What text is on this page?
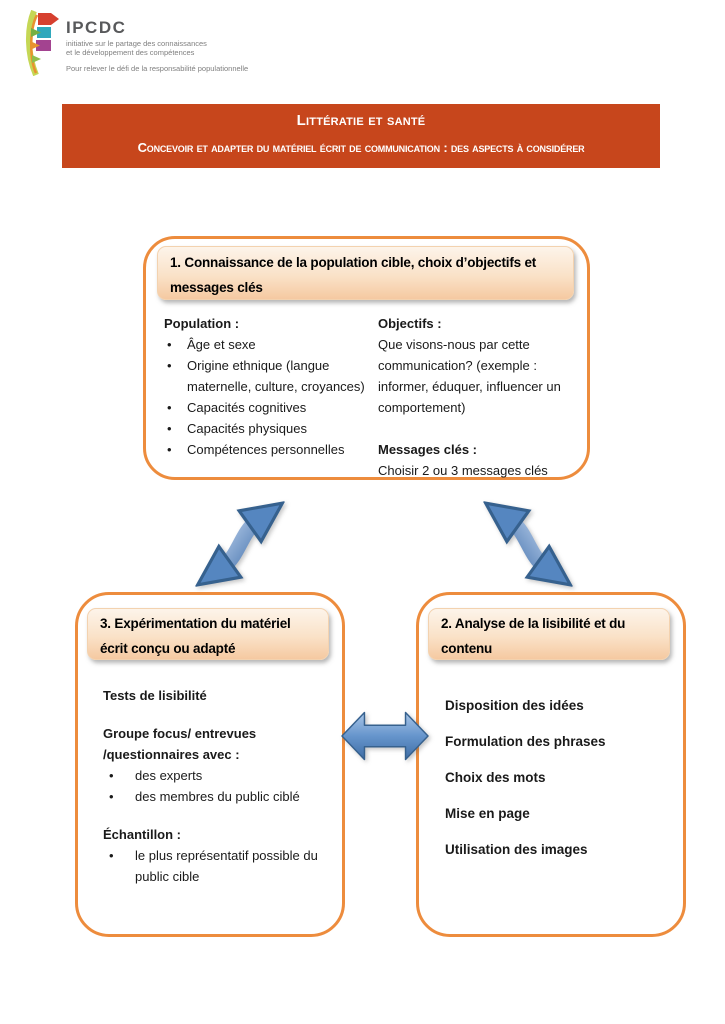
IPCDC
initiative sur le partage des connaissances
et le développement des compétences
Pour relever le défi de la responsabilité populationnelle
Littératie et santé
Concevoir et adapter du matériel écrit de communication : des aspects à considérer
1. Connaissance de la population cible, choix d’objectifs et messages clés
Population :
•
Âge et sexe
•
Origine ethnique (langue maternelle, culture, croyances)
•
Capacités cognitives
•
Capacités physiques
•
Compétences personnelles
Objectifs :
Que visons-nous par cette communication? (exemple : informer, éduquer, influencer un comportement)
Messages clés :
Choisir 2 ou 3 messages clés
3. Expérimentation du matériel écrit conçu ou adapté
Tests de lisibilité
Groupe focus/ entrevues /questionnaires avec :
•
des experts
•
des membres du public ciblé
Échantillon :
•
le plus représentatif possible du public cible
2. Analyse de la lisibilité et du contenu
Disposition des idées
Formulation des phrases
Choix des mots
Mise en page
Utilisation des images
